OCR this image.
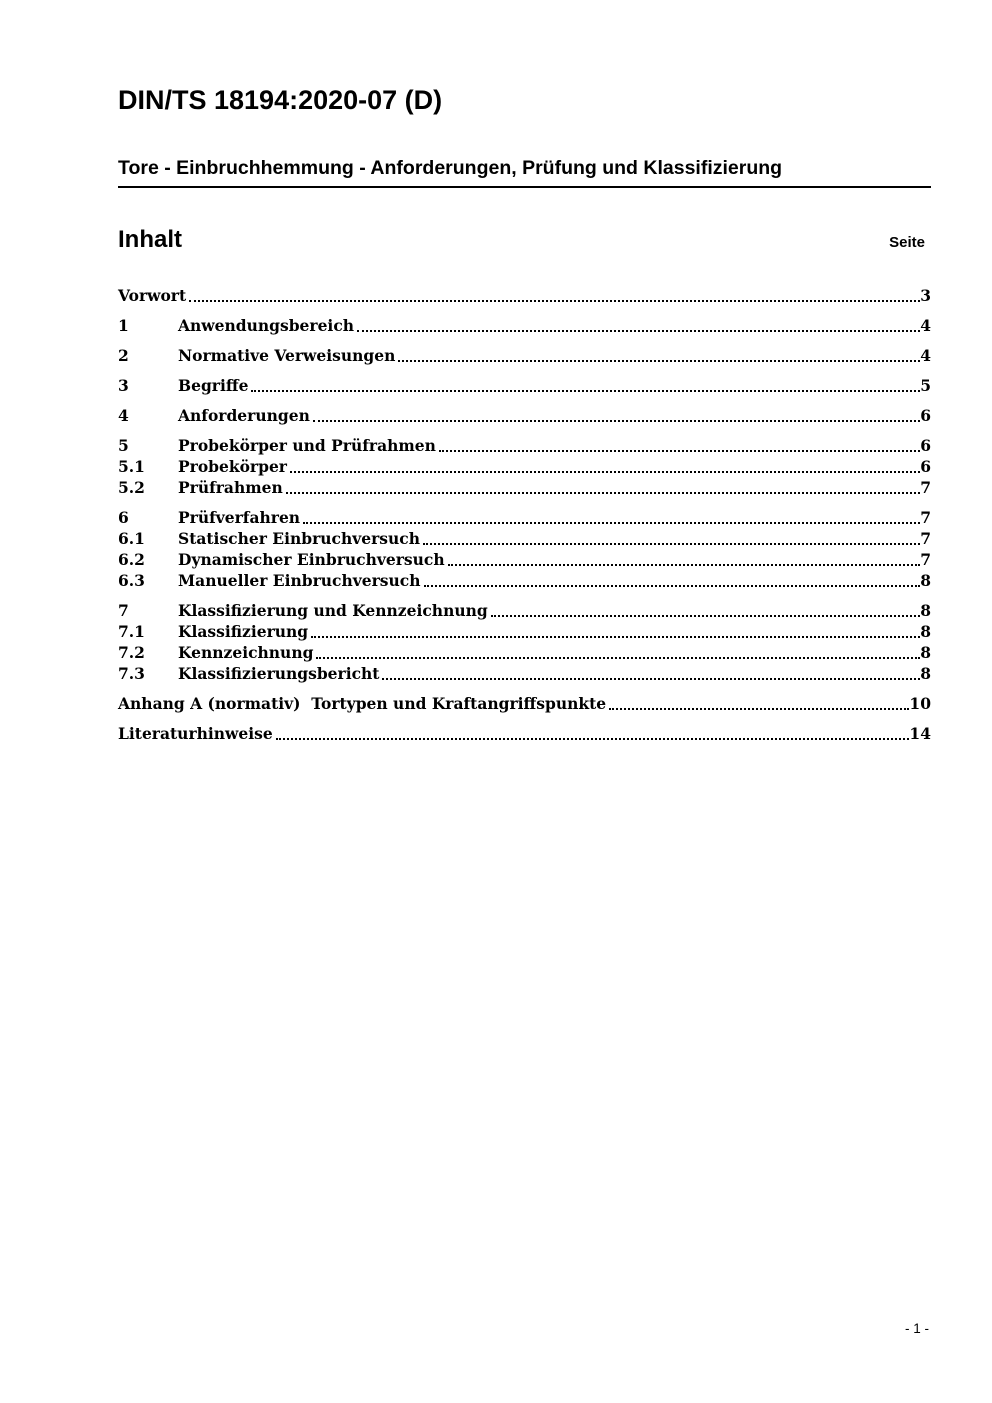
DIN/TS 18194:2020-07 (D)
Tore - Einbruchhemmung - Anforderungen, Prüfung und Klassifizierung
Inhalt	Seite
Vorwort	3
1	Anwendungsbereich	4
2	Normative Verweisungen	4
3	Begriffe	5
4	Anforderungen	6
5	Probekörper und Prüfrahmen	6
5.1	Probekörper	6
5.2	Prüfrahmen	7
6	Prüfverfahren	7
6.1	Statischer Einbruchversuch	7
6.2	Dynamischer Einbruchversuch	7
6.3	Manueller Einbruchversuch	8
7	Klassifizierung und Kennzeichnung	8
7.1	Klassifizierung	8
7.2	Kennzeichnung	8
7.3	Klassifizierungsbericht	8
Anhang A (normativ)  Tortypen und Kraftangriffspunkte	10
Literaturhinweise	14
- 1 -
